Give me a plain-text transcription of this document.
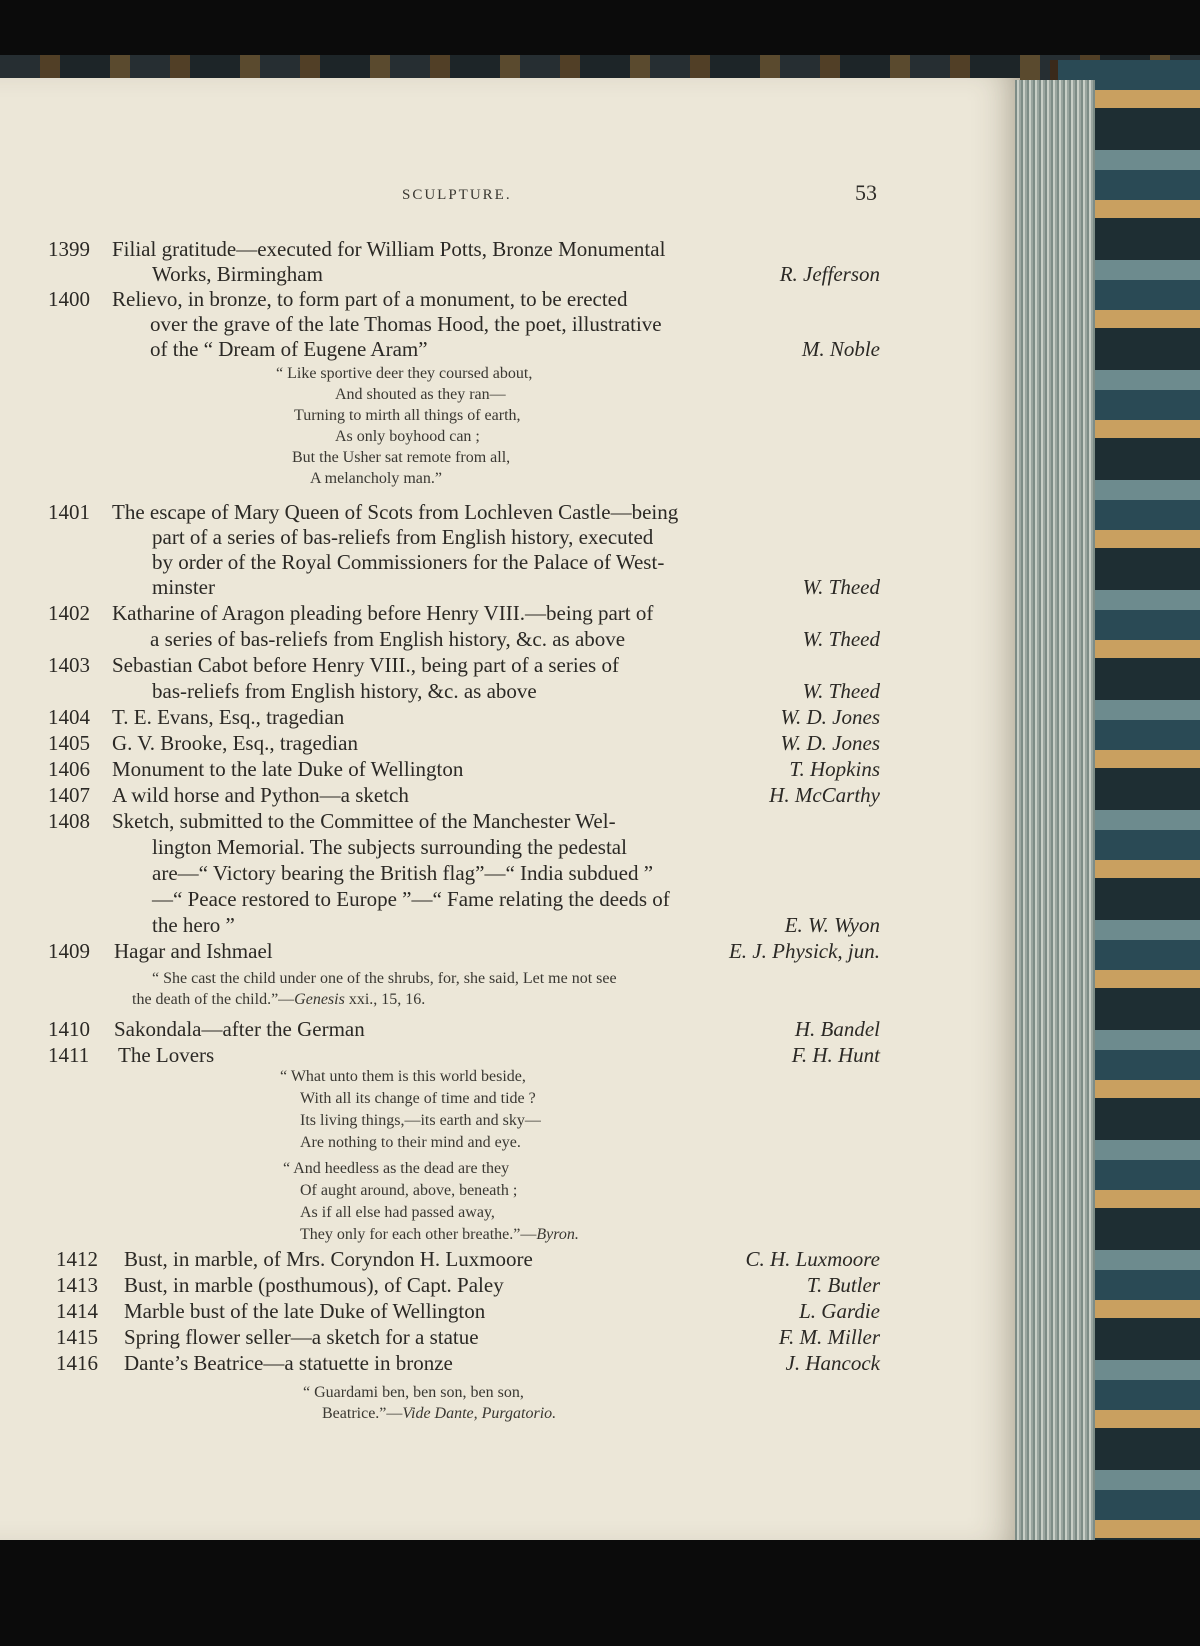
53
SCULPTURE.
1399 Filial gratitude—executed for William Potts, Bronze Monumental
Works, Birmingham	R. Jefferson
1400 Relievo, in bronze, to form part of a monument, to be erected
over the grave of the late Thomas Hood, the poet, illustrative
of the “ Dream of Eugene Aram”	M. Noble
“ Like sportive deer they coursed about,
And shouted as they ran—
Turning to mirth all things of earth,
As only boyhood can ;
But the Usher sat remote from all,
A melancholy man.”
1401 The escape of Mary Queen of Scots from Lochleven Castle—being
part of a series of bas-reliefs from English history, executed
by order of the Royal Commissioners for the Palace of West-
minster	W. Theed
1402 Katharine of Aragon pleading before Henry VIII.—being part of
a series of bas-reliefs from English history, &c. as above	W. Theed
1403 Sebastian Cabot before Henry VIII., being part of a series of
bas-reliefs from English history, &c. as above	W. Theed
1404 T. E. Evans, Esq., tragedian	W. D. Jones
1405 G. V. Brooke, Esq., tragedian	W. D. Jones
1406 Monument to the late Duke of Wellington	T. Hopkins
1407 A wild horse and Python—a sketch	H. McCarthy
1408 Sketch, submitted to the Committee of the Manchester Wel-
lington Memorial. The subjects surrounding the pedestal
are—“ Victory bearing the British flag”—“ India subdued ”
—“ Peace restored to Europe ”—“ Fame relating the deeds of
the hero ”	E. W. Wyon
1409 Hagar and Ishmael	E. J. Physick, jun.
“ She cast the child under one of the shrubs, for, she said, Let me not see
the death of the child.”—Genesis xxi., 15, 16.
1410 Sakondala—after the German	H. Bandel
1411 The Lovers	F. H. Hunt
“ What unto them is this world beside,
With all its change of time and tide ?
Its living things,—its earth and sky—
Are nothing to their mind and eye.
“ And heedless as the dead are they
Of aught around, above, beneath ;
As if all else had passed away,
They only for each other breathe.”—Byron.
1412 Bust, in marble, of Mrs. Coryndon H. Luxmoore	C. H. Luxmoore
1413 Bust, in marble (posthumous), of Capt. Paley	T. Butler
1414 Marble bust of the late Duke of Wellington	L. Gardie
1415 Spring flower seller—a sketch for a statue	F. M. Miller
1416 Dante’s Beatrice—a statuette in bronze	J. Hancock
“ Guardami ben, ben son, ben son,
Beatrice.”—Vide Dante, Purgatorio.
